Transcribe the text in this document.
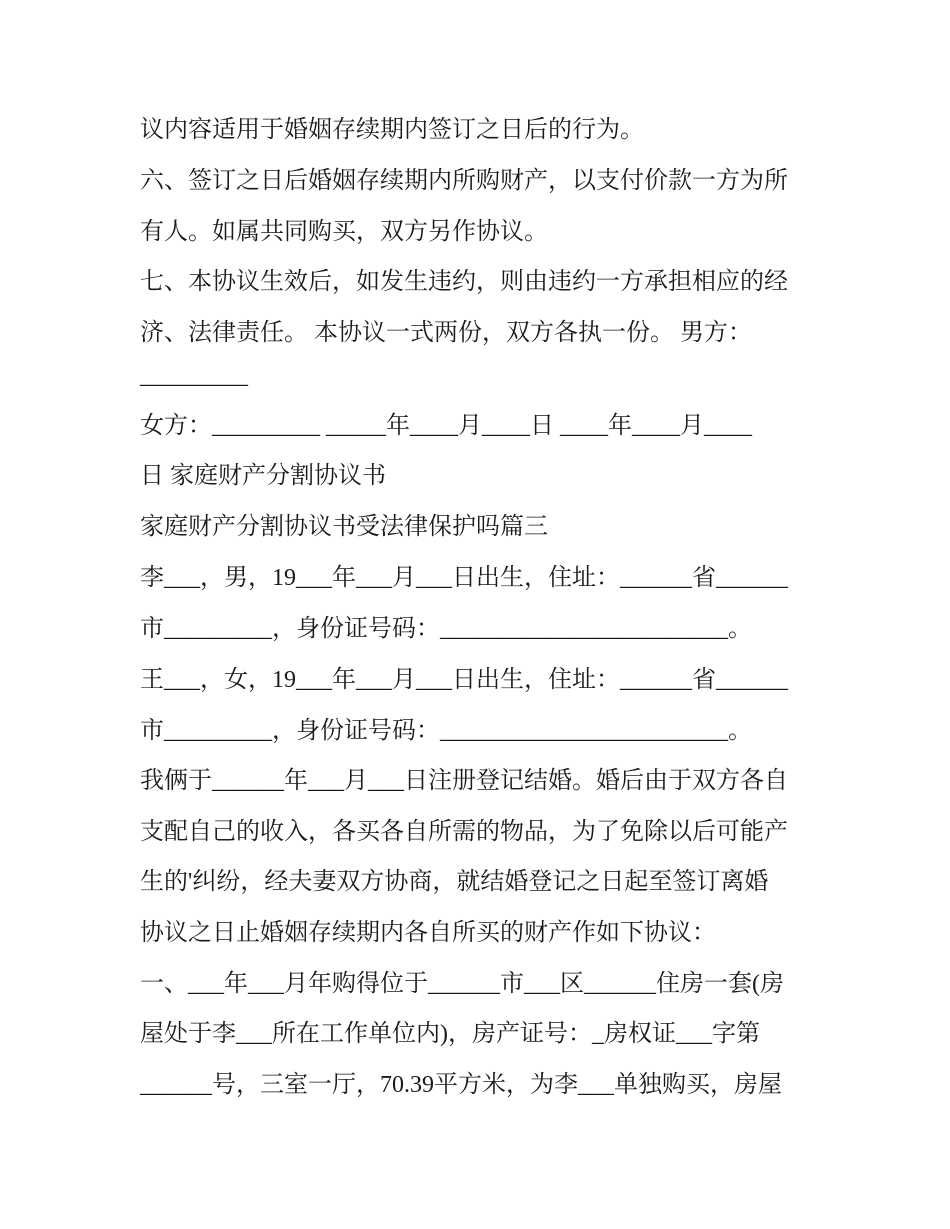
议内容适用于婚姻存续期内签订之日后的行为。
六、签订之日后婚姻存续期内所购财产，以支付价款一方为所
有人。如属共同购买，双方另作协议。
七、本协议生效后，如发生违约，则由违约一方承担相应的经
济、法律责任。 本协议一式两份，双方各执一份。 男方：
_________
女方：_________ _____年____月____日 ____年____月____
日 家庭财产分割协议书
家庭财产分割协议书受法律保护吗篇三
李___，男，19___年___月___日出生，住址：______省______
市_________，身份证号码：________________________。
王___，女，19___年___月___日出生，住址：______省______
市_________，身份证号码：________________________。
我俩于______年___月___日注册登记结婚。婚后由于双方各自
支配自己的收入，各买各自所需的物品，为了免除以后可能产
生的'纠纷，经夫妻双方协商，就结婚登记之日起至签订离婚
协议之日止婚姻存续期内各自所买的财产作如下协议：
一、___年___月年购得位于______市___区______住房一套(房
屋处于李___所在工作单位内)，房产证号：_房权证___字第
______号，三室一厅，70.39平方米，为李___单独购买，房屋
